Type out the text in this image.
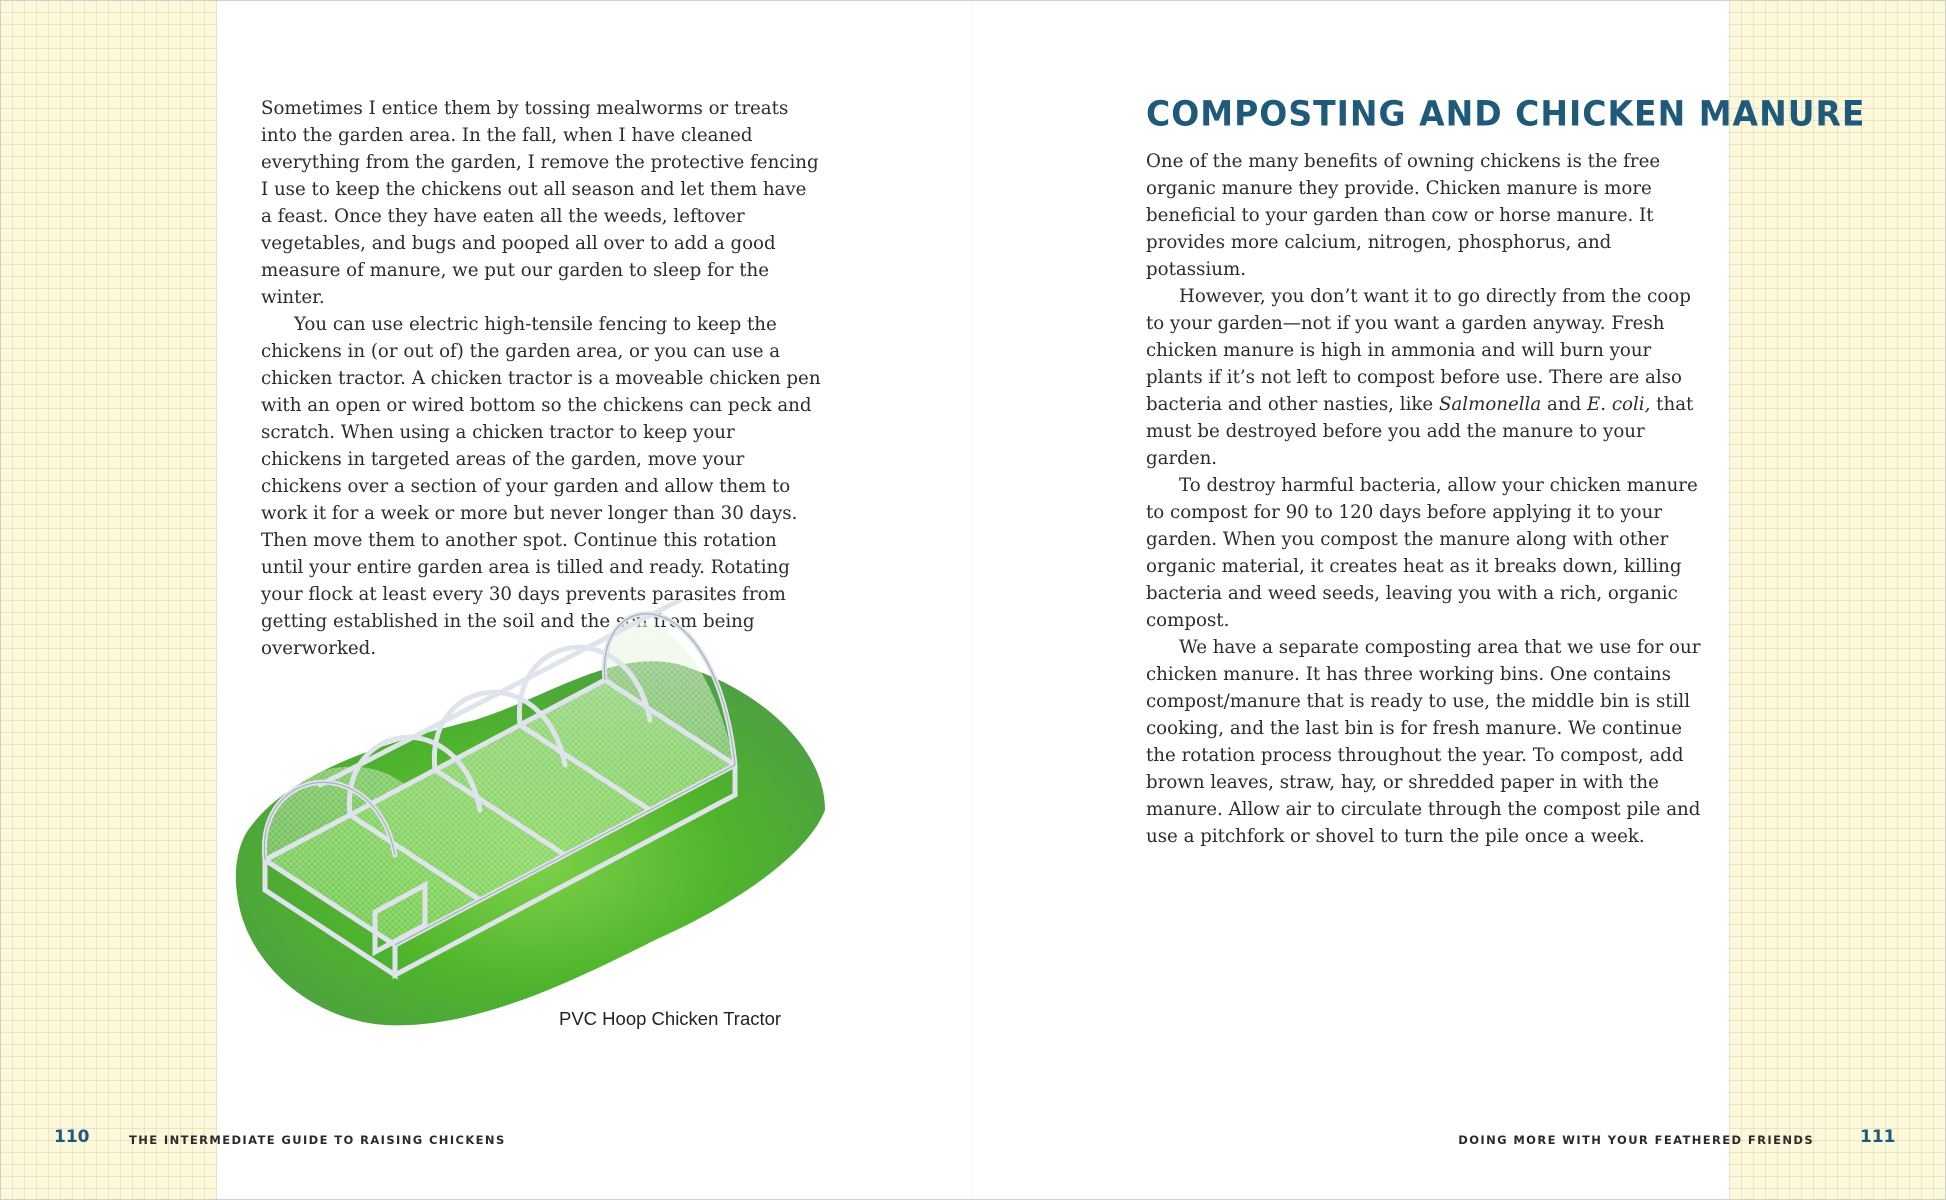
Sometimes I entice them by tossing mealworms or treats into the garden area. In the fall, when I have cleaned everything from the garden, I remove the protective fencing I use to keep the chickens out all season and let them have a feast. Once they have eaten all the weeds, leftover vegetables, and bugs and pooped all over to add a good measure of manure, we put our garden to sleep for the winter.

You can use electric high-tensile fencing to keep the chickens in (or out of) the garden area, or you can use a chicken tractor. A chicken tractor is a moveable chicken pen with an open or wired bottom so the chickens can peck and scratch. When using a chicken tractor to keep your chickens in targeted areas of the garden, move your chickens over a section of your garden and allow them to work it for a week or more but never longer than 30 days. Then move them to another spot. Continue this rotation until your entire garden area is tilled and ready. Rotating your flock at least every 30 days prevents parasites from getting established in the soil and the soil from being overworked.

PVC Hoop Chicken Tractor
COMPOSTING AND CHICKEN MANURE

One of the many benefits of owning chickens is the free organic manure they provide. Chicken manure is more beneficial to your garden than cow or horse manure. It provides more calcium, nitrogen, phosphorus, and potassium.

However, you don’t want it to go directly from the coop to your garden—not if you want a garden anyway. Fresh chicken manure is high in ammonia and will burn your plants if it’s not left to compost before use. There are also bacteria and other nasties, like Salmonella and E. coli, that must be destroyed before you add the manure to your garden.

To destroy harmful bacteria, allow your chicken manure to compost for 90 to 120 days before applying it to your garden. When you compost the manure along with other organic material, it creates heat as it breaks down, killing bacteria and weed seeds, leaving you with a rich, organic compost.

We have a separate composting area that we use for our chicken manure. It has three working bins. One contains compost/manure that is ready to use, the middle bin is still cooking, and the last bin is for fresh manure. We continue the rotation process throughout the year. To compost, add brown leaves, straw, hay, or shredded paper in with the manure. Allow air to circulate through the compost pile and use a pitchfork or shovel to turn the pile once a week.

110	THE INTERMEDIATE GUIDE TO RAISING CHICKENS	DOING MORE WITH YOUR FEATHERED FRIENDS	111
